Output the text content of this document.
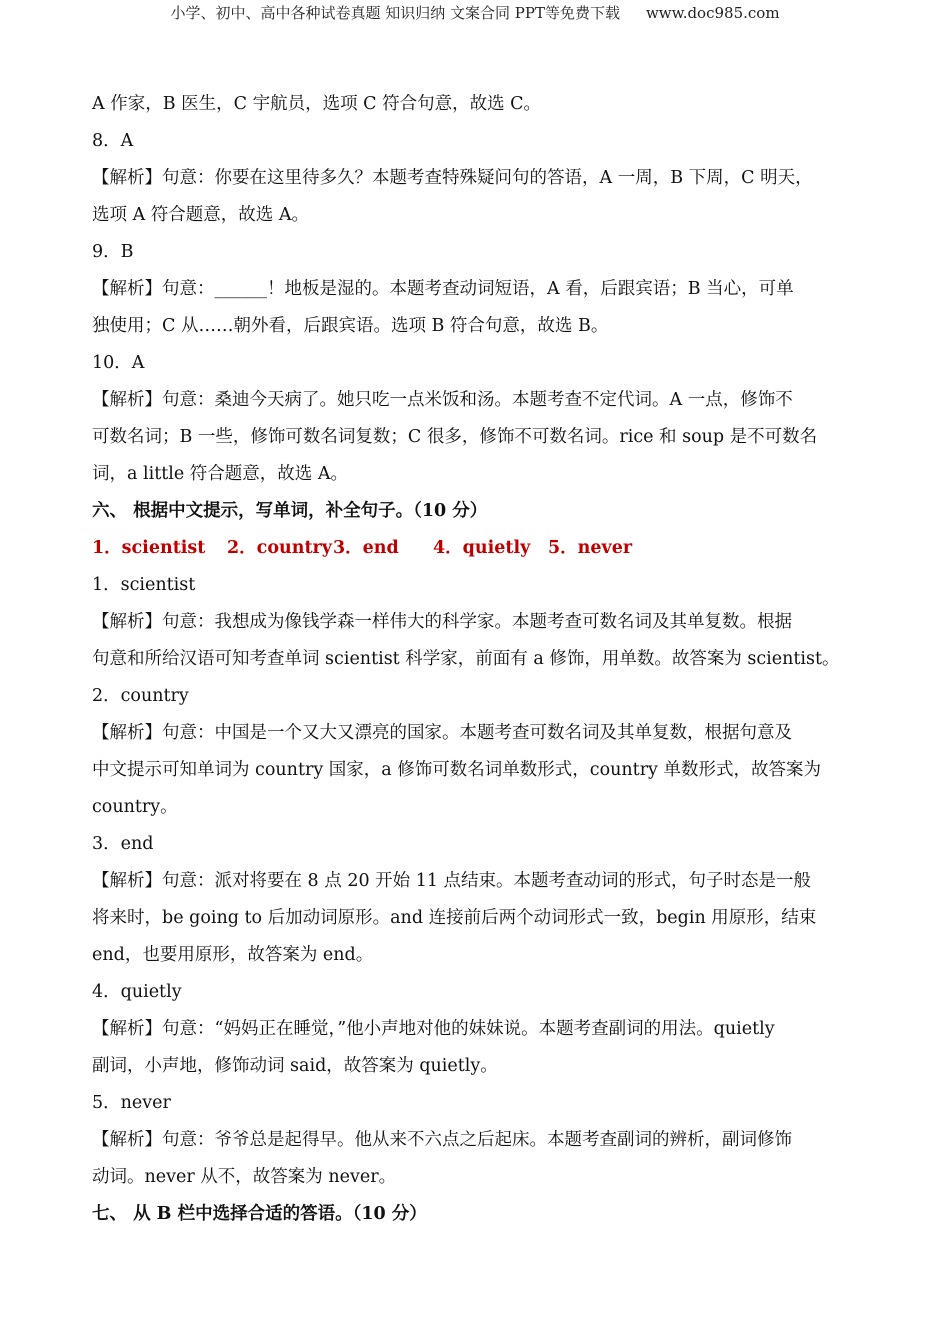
小学、初中、高中各种试卷真题 知识归纳 文案合同 PPT等免费下载 www.doc985.com
A 作家，B 医生，C 宇航员，选项 C 符合句意，故选 C。
8．A
【解析】句意：你要在这里待多久？本题考查特殊疑问句的答语，A 一周，B 下周，C 明天，
选项 A 符合题意，故选 A。
9．B
【解析】句意：______！地板是湿的。本题考查动词短语，A 看，后跟宾语；B 当心，可单
独使用；C 从……朝外看，后跟宾语。选项 B 符合句意，故选 B。
10．A
【解析】句意：桑迪今天病了。她只吃一点米饭和汤。本题考查不定代词。A 一点，修饰不
可数名词；B 一些，修饰可数名词复数；C 很多，修饰不可数名词。rice 和 soup 是不可数名
词，a little 符合题意，故选 A。
六、 根据中文提示，写单词，补全句子。（10 分）
1．scientist 2．country3．end 4．quietly 5．never
1．scientist
【解析】句意：我想成为像钱学森一样伟大的科学家。本题考查可数名词及其单复数。根据
句意和所给汉语可知考查单词 scientist 科学家，前面有 a 修饰，用单数。故答案为 scientist。
2．country
【解析】句意：中国是一个又大又漂亮的国家。本题考查可数名词及其单复数，根据句意及
中文提示可知单词为 country 国家，a 修饰可数名词单数形式，country 单数形式，故答案为
country。
3．end
【解析】句意：派对将要在 8 点 20 开始 11 点结束。本题考查动词的形式，句子时态是一般
将来时，be going to 后加动词原形。and 连接前后两个动词形式一致，begin 用原形，结束
end，也要用原形，故答案为 end。
4．quietly
【解析】句意：“妈妈正在睡觉，”他小声地对他的妹妹说。本题考查副词的用法。quietly
副词，小声地，修饰动词 said，故答案为 quietly。
5．never
【解析】句意：爷爷总是起得早。他从来不六点之后起床。本题考查副词的辨析，副词修饰
动词。never 从不，故答案为 never。
七、 从 B 栏中选择合适的答语。（10 分）
